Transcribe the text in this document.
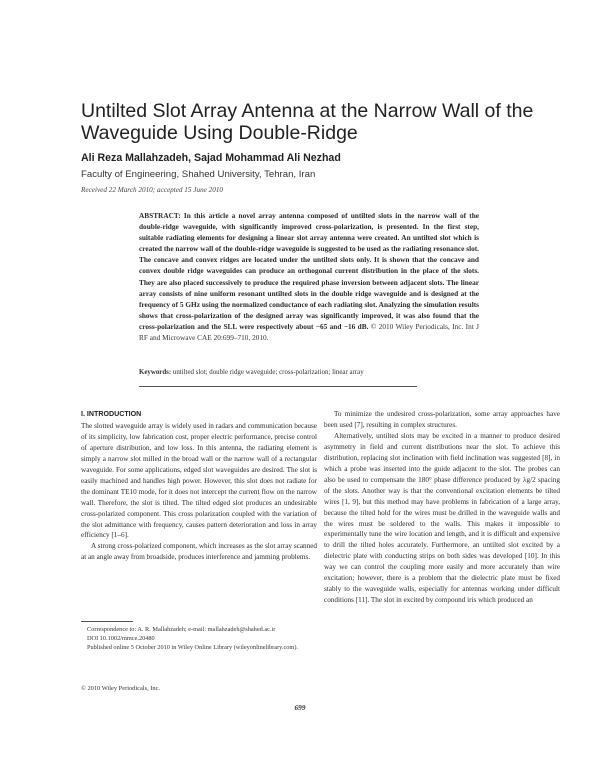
Untilted Slot Array Antenna at the Narrow Wall of the Waveguide Using Double-Ridge
Ali Reza Mallahzadeh, Sajad Mohammad Ali Nezhad
Faculty of Engineering, Shahed University, Tehran, Iran
Received 22 March 2010; accepted 15 June 2010
ABSTRACT: In this article a novel array antenna composed of untilted slots in the narrow wall of the double-ridge waveguide, with significantly improved cross-polarization, is presented. In the first step, suitable radiating elements for designing a linear slot array antenna were created. An untilted slot which is created the narrow wall of the double-ridge waveguide is suggested to be used as the radiating resonance slot. The concave and convex ridges are located under the untilted slots only. It is shown that the concave and convex double ridge waveguides can produce an orthogonal current distribution in the place of the slots. They are also placed successively to produce the required phase inversion between adjacent slots. The linear array consists of nine uniform resonant untilted slots in the double ridge waveguide and is designed at the frequency of 5 GHz using the normalized conductance of each radiating slot. Analyzing the simulation results shows that cross-polarization of the designed array was significantly improved, it was also found that the cross-polarization and the SLL were respectively about −65 and −16 dB. © 2010 Wiley Periodicals, Inc. Int J RF and Microwave CAE 20:699–710, 2010.
Keywords: untilted slot; double ridge waveguide; cross-polarization; linear array
I. INTRODUCTION

The slotted waveguide array is widely used in radars and communication because of its simplicity, low fabrication cost, proper electric performance, precise control of aperture distribution, and low loss. In this antenna, the radiating element is simply a narrow slot milled in the broad wall or the narrow wall of a rectangular waveguide. For some applications, edged slot waveguides are desired. The slot is easily machined and handles high power. However, this slot does not radiate for the dominant TE10 mode, for it does not intercept the current flow on the narrow wall. Therefore, the slot is tilted. The tilted edged slot produces an undesirable cross-polarized component. This cross polarization coupled with the variation of the slot admittance with frequency, causes pattern deterioration and loss in array efficiency [1–6].

A strong cross-polarized component, which increases as the slot array scanned at an angle away from broadside, produces interference and jamming problems.

To minimize the undesired cross-polarization, some array approaches have been used [7], resulting in complex structures.

Alternatively, untilted slots may be excited in a manner to produce desired asymmetry in field and current distributions near the slot. To achieve this distribution, replacing slot inclination with field inclination was suggested [8], in which a probe was inserted into the guide adjacent to the slot. The probes can also be used to compensate the 180° phase difference produced by λg/2 spacing of the slots. Another way is that the conventional excitation elements be tilted wires [1, 9], but this method may have problems in fabrication of a large array, because the tilted hold for the wires must be drilled in the waveguide walls and the wires must be soldered to the walls. This makes it impossible to experimentally tune the wire location and length, and it is difficult and expensive to drill the tilted holes accurately. Furthermore, an untilted slot excited by a dielectric plate with conducting strips on both sides was developed [10]. In this way we can control the coupling more easily and more accurately than wire excitation; however, there is a problem that the dielectric plate must be fixed stably to the waveguide walls, especially for antennas working under difficult conditions [11]. The slot in excited by compound iris which produced an

Correspondence to: A. R. Mallahzadeh; e-mail: mallahzadeh@shahed.ac.ir

DOI 10.1002/mmce.20480

Published online 5 October 2010 in Wiley Online Library (wileyonlinelibrary.com).

© 2010 Wiley Periodicals, Inc.
699
